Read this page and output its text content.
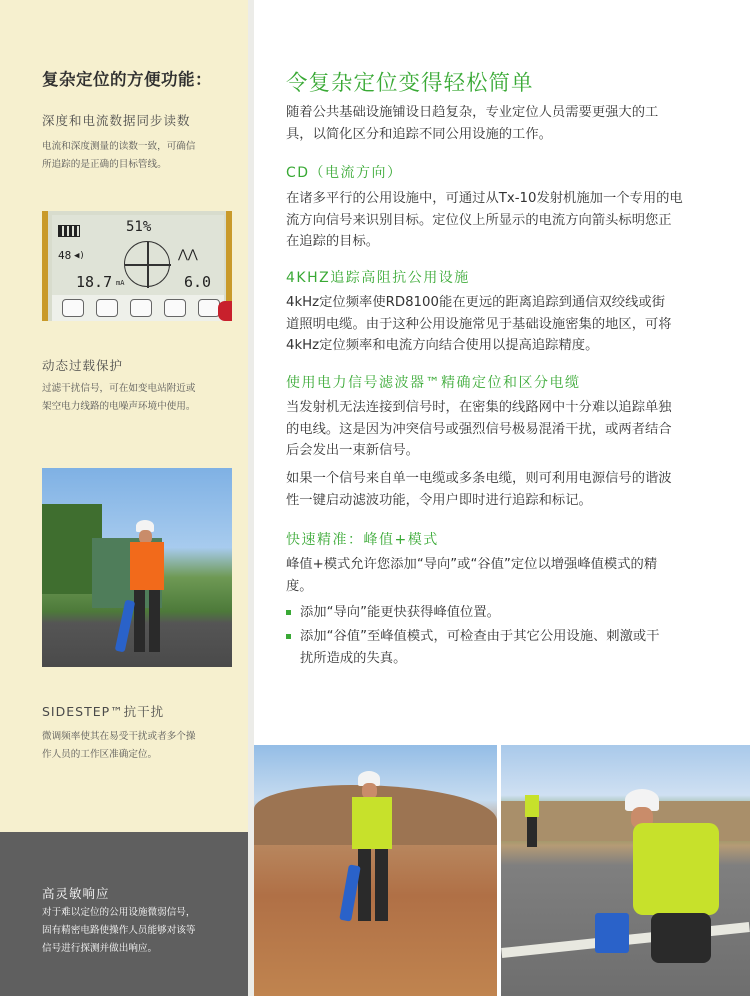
高灵敏响应
对于难以定位的公用设施微弱信号，
固有精密电路使操作人员能够对该等
信号进行探测并做出响应。
复杂定位的方便功能：
深度和电流数据同步读数
电流和深度测量的读数一致，可确信
所追踪的是正确的目标管线。
51%
48 ◀)	⋀⋀
18.7 mA	6.0
动态过载保护
过滤干扰信号，可在如变电站附近或
架空电力线路的电噪声环境中使用。
SIDESTEP™抗干扰
微调频率使其在易受干扰或者多个操
作人员的工作区准确定位。
令复杂定位变得轻松简单
随着公共基础设施铺设日趋复杂，专业定位人员需要更强大的工
具，以简化区分和追踪不同公用设施的工作。
CD（电流方向）
在诸多平行的公用设施中，可通过从Tx-10发射机施加一个专用的电
流方向信号来识别目标。定位仪上所显示的电流方向箭头标明您正
在追踪的目标。
4KHZ追踪高阻抗公用设施
4kHz定位频率使RD8100能在更远的距离追踪到通信双绞线或街
道照明电缆。由于这种公用设施常见于基础设施密集的地区，可将
4kHz定位频率和电流方向结合使用以提高追踪精度。
使用电力信号滤波器™精确定位和区分电缆
当发射机无法连接到信号时，在密集的线路网中十分难以追踪单独
的电线。这是因为冲突信号或强烈信号极易混淆干扰，或两者结合
后会发出一束新信号。
如果一个信号来自单一电缆或多条电缆，则可利用电源信号的谐波
性一键启动滤波功能，令用户即时进行追踪和标记。
快速精准：峰值+模式
峰值+模式允许您添加“导向”或“谷值”定位以增强峰值模式的精
度。
添加“导向”能更快获得峰值位置。
添加“谷值”至峰值模式，可检查由于其它公用设施、刺激或干
扰所造成的失真。
